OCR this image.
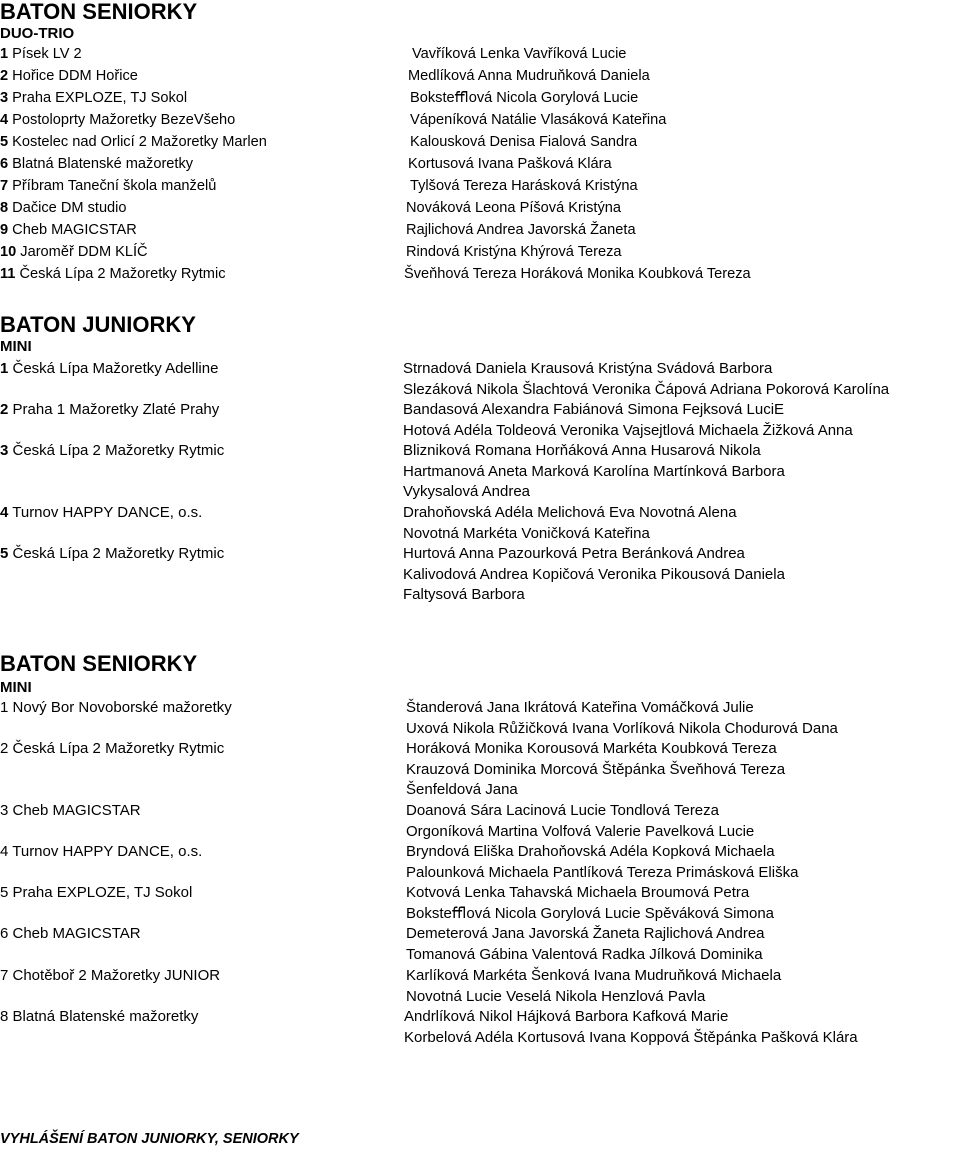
BATON SENIORKY
DUO-TRIO
1 Písek LV 2	Vavříková Lenka Vavříková Lucie
2 Hořice DDM Hořice	Medlíková Anna Mudruňková Daniela
3 Praha EXPLOZE, TJ Sokol	Boksteﬄová Nicola Gorylová Lucie
4 Postoloprty Mažoretky BezeVšeho	Vápeníková Natálie Vlasáková Kateřina
5 Kostelec nad Orlicí 2 Mažoretky Marlen	Kalousková Denisa Fialová Sandra
6 Blatná Blatenské mažoretky	Kortusová Ivana Pašková Klára
7 Příbram Taneční škola manželů	Tylšová Tereza Harásková Kristýna
8 Dačice DM studio	Nováková Leona Píšová Kristýna
9 Cheb MAGICSTAR	Rajlichová Andrea Javorská Žaneta
10 Jaroměř DDM KLÍČ	Rindová Kristýna Khýrová Tereza
11 Česká Lípa 2 Mažoretky Rytmic	Šveňhová Tereza Horáková Monika Koubková Tereza
BATON JUNIORKY
MINI
1 Česká Lípa Mažoretky Adelline	Strnadová Daniela Krausová Kristýna Svádová Barbora
Slezáková Nikola Šlachtová Veronika Čápová Adriana Pokorová Karolína
2 Praha 1 Mažoretky Zlaté Prahy	Bandasová Alexandra Fabiánová Simona Fejksová LuciE
Hotová Adéla Toldeová Veronika Vajsejtlová Michaela Žižková Anna
3 Česká Lípa 2 Mažoretky Rytmic	Blizniková Romana Horňáková Anna Husarová Nikola
Hartmanová Aneta Marková Karolína Martínková Barbora
Vykysalová Andrea
4 Turnov HAPPY DANCE, o.s.	Drahoňovská Adéla Melichová Eva Novotná Alena
Novotná Markéta Voničková Kateřina
5 Česká Lípa 2 Mažoretky Rytmic	Hurtová Anna Pazourková Petra Beránková Andrea
Kalivodová Andrea Kopičová Veronika Pikousová Daniela
Faltysová Barbora
BATON SENIORKY
MINI
1 Nový Bor Novoborské mažoretky	Štanderová Jana Ikrátová Kateřina Vomáčková Julie
Uxová Nikola Růžičková Ivana Vorlíková Nikola Chodurová Dana
2 Česká Lípa 2 Mažoretky Rytmic	Horáková Monika Korousová Markéta Koubková Tereza
Krauzová Dominika Morcová Štěpánka Šveňhová Tereza
Šenfeldová Jana
3 Cheb MAGICSTAR	Doanová Sára Lacinová Lucie Tondlová Tereza
Orgoníková Martina Volfová Valerie Pavelková Lucie
4 Turnov HAPPY DANCE, o.s.	Bryndová Eliška Drahoňovská Adéla Kopková Michaela
Palounková Michaela Pantlíková Tereza Primásková Eliška
5 Praha EXPLOZE, TJ Sokol	Kotvová Lenka Tahavská Michaela Broumová Petra
Boksteﬄová Nicola Gorylová Lucie Spěváková Simona
6 Cheb MAGICSTAR	Demeterová Jana Javorská Žaneta Rajlichová Andrea
Tomanová Gábina Valentová Radka Jílková Dominika
7 Chotěboř 2 Mažoretky JUNIOR	Karlíková Markéta Šenková Ivana Mudruňková Michaela
Novotná Lucie Veselá Nikola Henzlová Pavla
8 Blatná Blatenské mažoretky	Andrlíková Nikol Hájková Barbora Kafková Marie
Korbelová Adéla Kortusová Ivana Koppová Štěpánka Pašková Klára
VYHLÁŠENÍ BATON JUNIORKY, SENIORKY
